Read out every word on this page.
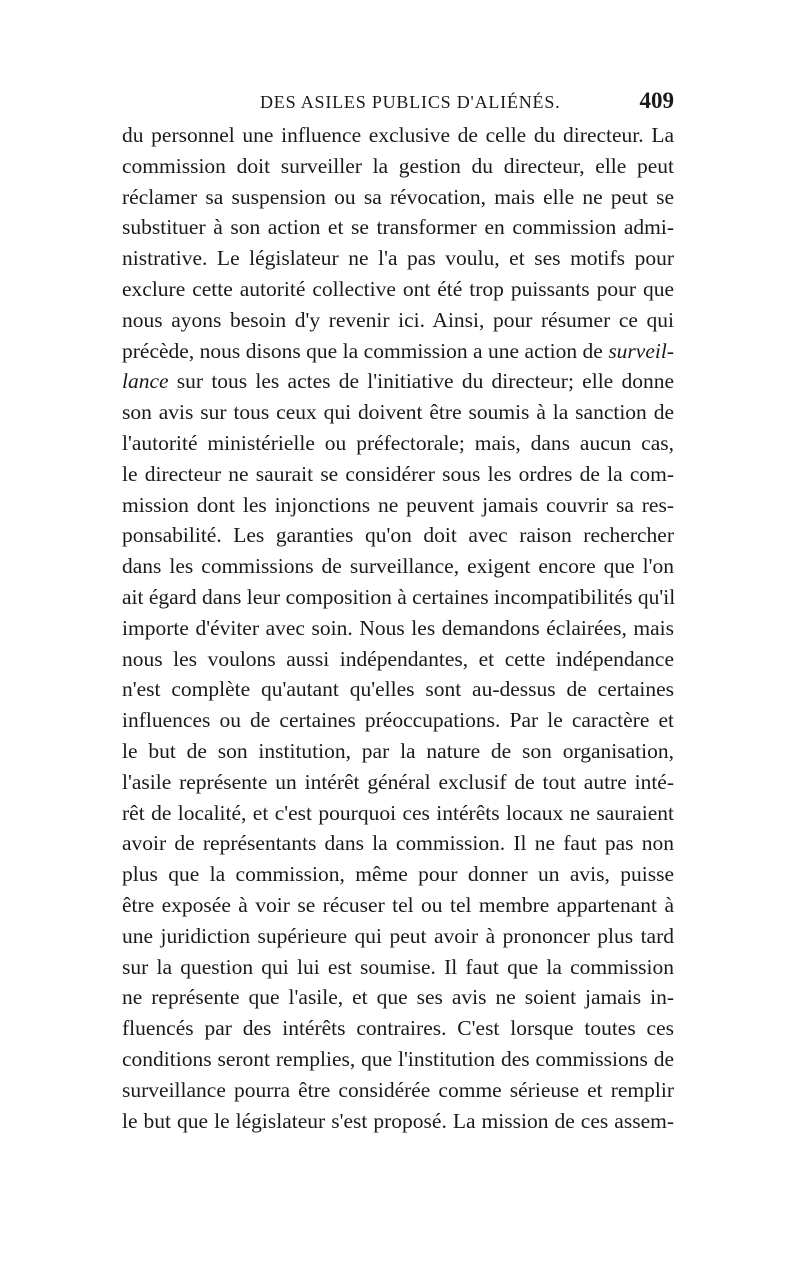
DES ASILES PUBLICS D'ALIÉNÉS.	409
du personnel une influence exclusive de celle du directeur. La
commission doit surveiller la gestion du directeur, elle peut
réclamer sa suspension ou sa révocation, mais elle ne peut se
substituer à son action et se transformer en commission admi-
nistrative. Le législateur ne l'a pas voulu, et ses motifs pour
exclure cette autorité collective ont été trop puissants pour que
nous ayons besoin d'y revenir ici. Ainsi, pour résumer ce qui
précède, nous disons que la commission a une action de surveil-
lance sur tous les actes de l'initiative du directeur; elle donne
son avis sur tous ceux qui doivent être soumis à la sanction de
l'autorité ministérielle ou préfectorale; mais, dans aucun cas,
le directeur ne saurait se considérer sous les ordres de la com-
mission dont les injonctions ne peuvent jamais couvrir sa res-
ponsabilité. Les garanties qu'on doit avec raison rechercher
dans les commissions de surveillance, exigent encore que l'on
ait égard dans leur composition à certaines incompatibilités qu'il
importe d'éviter avec soin. Nous les demandons éclairées, mais
nous les voulons aussi indépendantes, et cette indépendance
n'est complète qu'autant qu'elles sont au-dessus de certaines
influences ou de certaines préoccupations. Par le caractère et
le but de son institution, par la nature de son organisation,
l'asile représente un intérêt général exclusif de tout autre inté-
rêt de localité, et c'est pourquoi ces intérêts locaux ne sauraient
avoir de représentants dans la commission. Il ne faut pas non
plus que la commission, même pour donner un avis, puisse
être exposée à voir se récuser tel ou tel membre appartenant à
une juridiction supérieure qui peut avoir à prononcer plus tard
sur la question qui lui est soumise. Il faut que la commission
ne représente que l'asile, et que ses avis ne soient jamais in-
fluencés par des intérêts contraires. C'est lorsque toutes ces
conditions seront remplies, que l'institution des commissions de
surveillance pourra être considérée comme sérieuse et remplir
le but que le législateur s'est proposé. La mission de ces assem-
